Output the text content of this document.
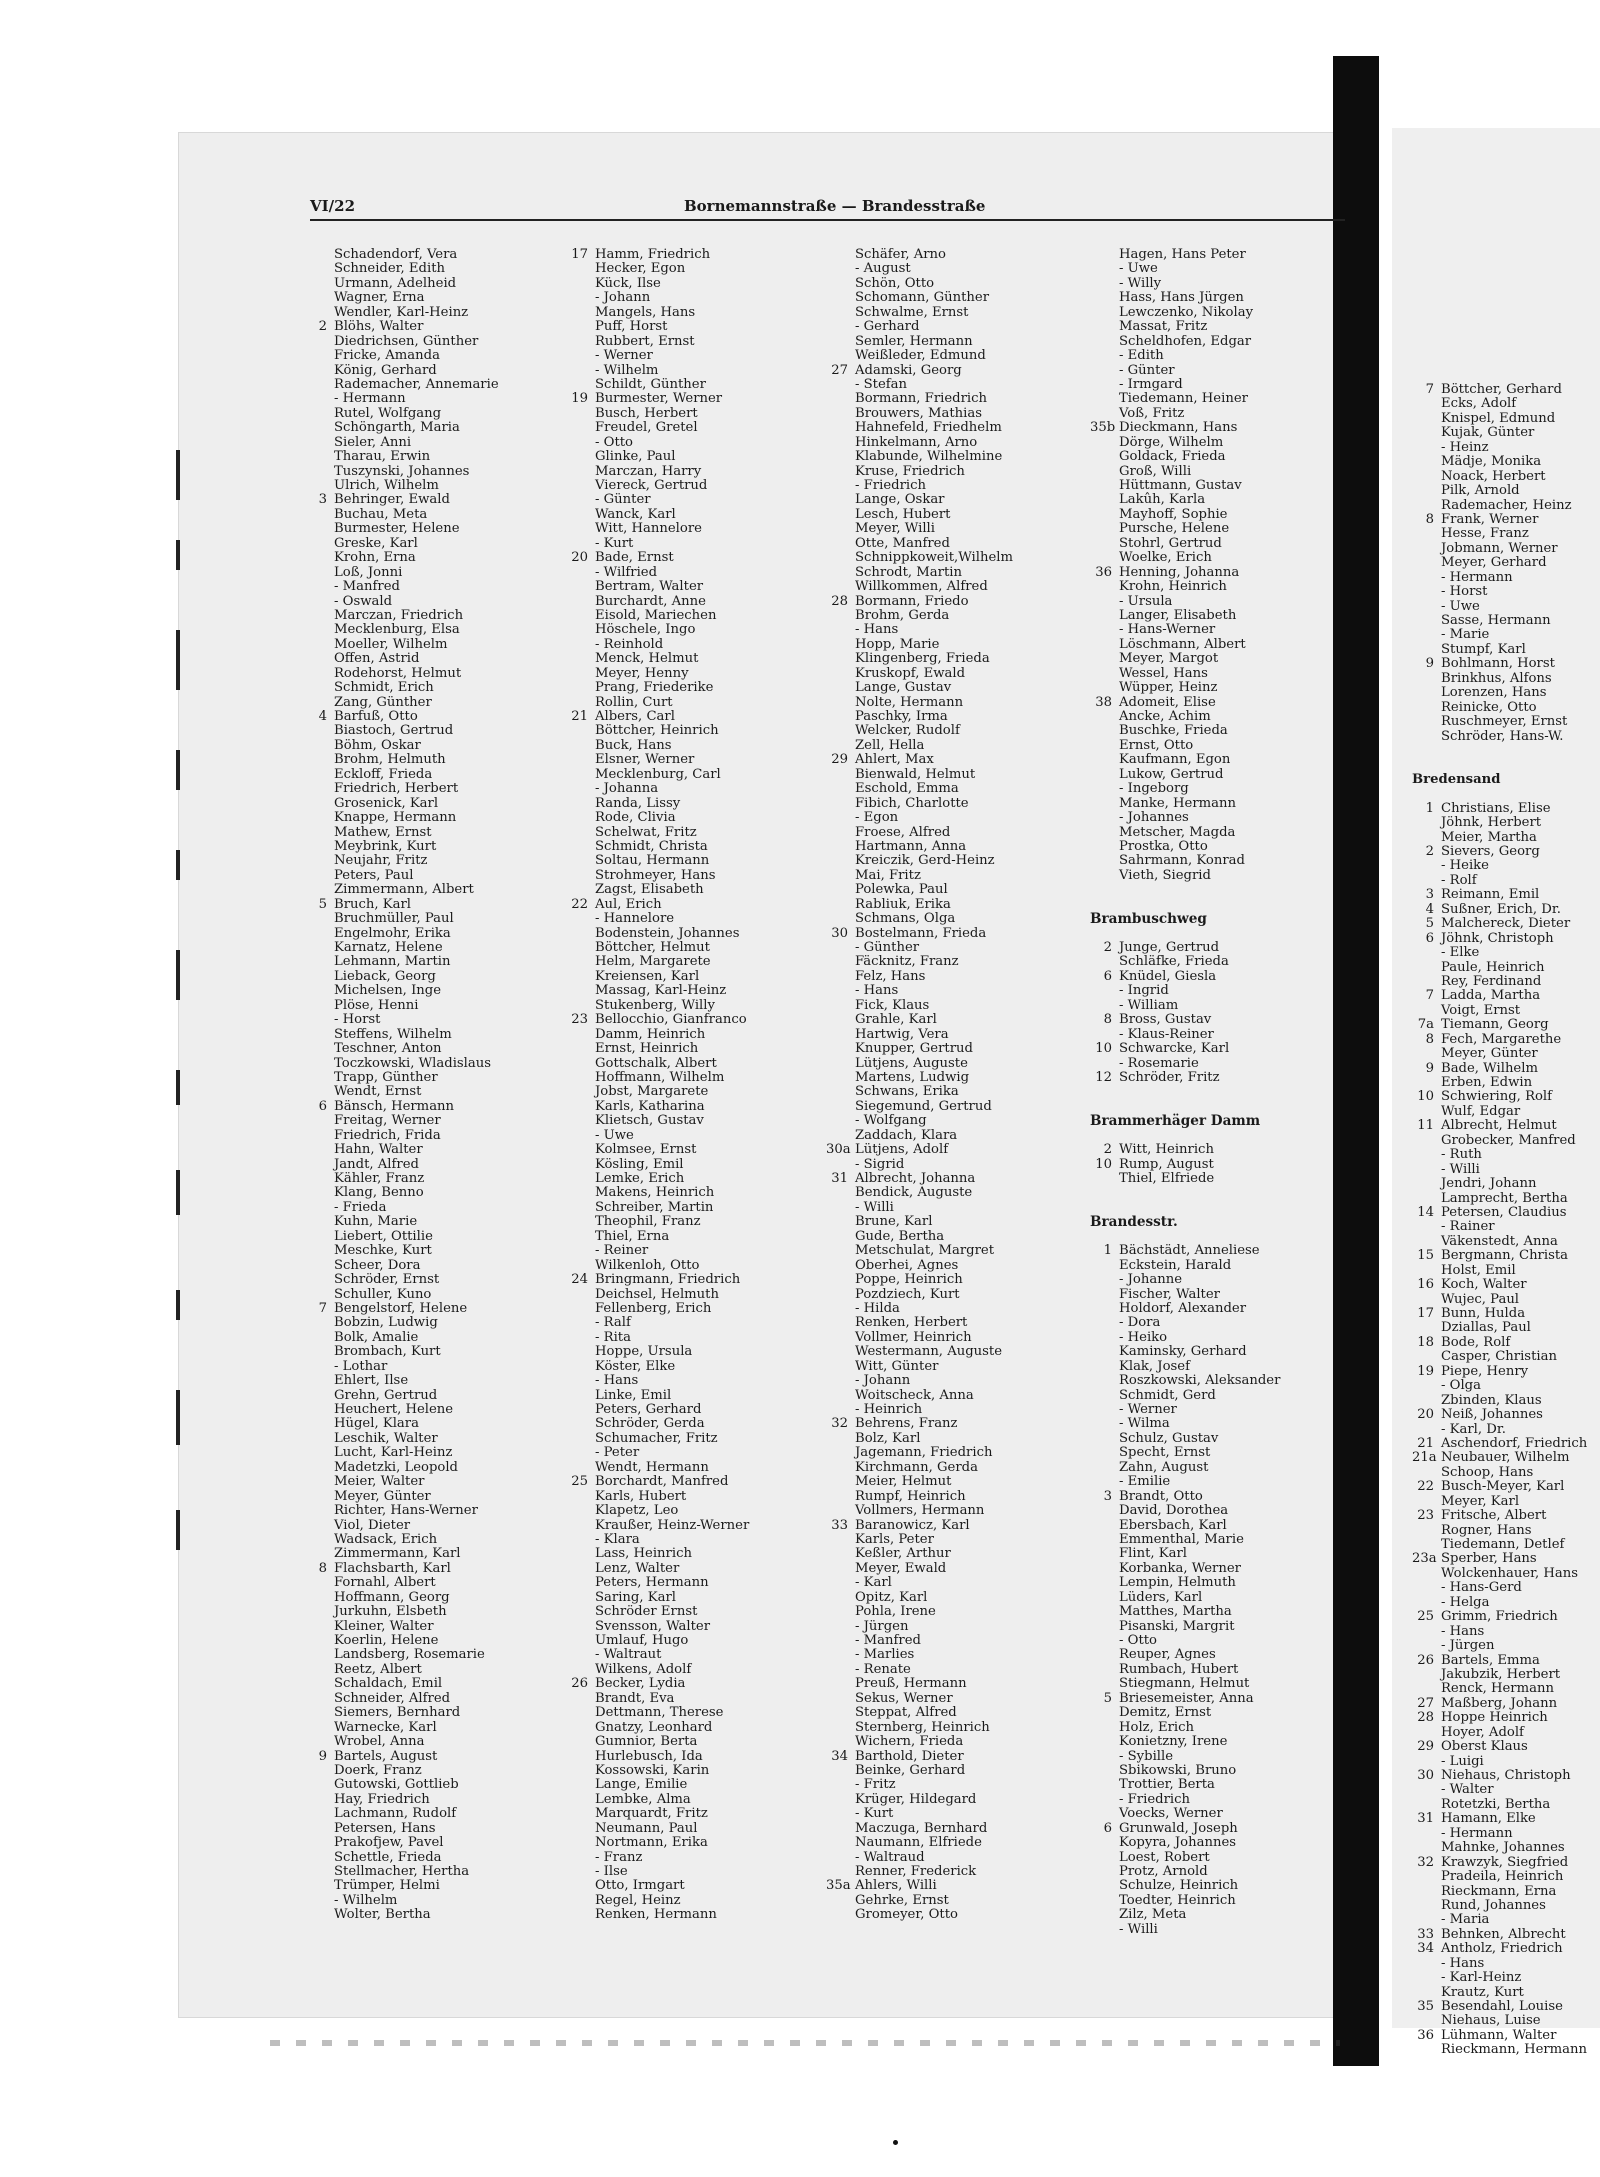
7 Böttcher, Gerhard
Ecks, Adolf
Knispel, Edmund
Kujak, Günter
- Heinz
Mädje, Monika
Noack, Herbert
Pilk, Arnold
Rademacher, Heinz
8 Frank, Werner
Hesse, Franz
Jobmann, Werner
Meyer, Gerhard
- Hermann
- Horst
- Uwe
Sasse, Hermann
- Marie
Stumpf, Karl
9 Bohlmann, Horst
Brinkhus, Alfons
Lorenzen, Hans
Reinicke, Otto
Ruschmeyer, Ernst
Schröder, Hans-W.
Bredensand
1 Christians, Elise
Jöhnk, Herbert
Meier, Martha
2 Sievers, Georg
- Heike
- Rolf
3 Reimann, Emil
4 Sußner, Erich, Dr.
5 Malchereck, Dieter
6 Jöhnk, Christoph
- Elke
Paule, Heinrich
Rey, Ferdinand
7 Ladda, Martha
Voigt, Ernst
7a Tiemann, Georg
8 Fech, Margarethe
Meyer, Günter
9 Bade, Wilhelm
Erben, Edwin
10 Schwiering, Rolf
Wulf, Edgar
11 Albrecht, Helmut
Grobecker, Manfred
- Ruth
- Willi
Jendri, Johann
Lamprecht, Bertha
14 Petersen, Claudius
- Rainer
Väkenstedt, Anna
15 Bergmann, Christa
Holst, Emil
16 Koch, Walter
Wujec, Paul
17 Bunn, Hulda
Dziallas, Paul
18 Bode, Rolf
Casper, Christian
19 Piepe, Henry
- Olga
Zbinden, Klaus
20 Neiß, Johannes
- Karl, Dr.
21 Aschendorf, Friedrich
21a Neubauer, Wilhelm
Schoop, Hans
22 Busch-Meyer, Karl
Meyer, Karl
23 Fritsche, Albert
Rogner, Hans
Tiedemann, Detlef
23a Sperber, Hans
Wolckenhauer, Hans
- Hans-Gerd
- Helga
25 Grimm, Friedrich
- Hans
- Jürgen
26 Bartels, Emma
Jakubzik, Herbert
Renck, Hermann
27 Maßberg, Johann
28 Hoppe Heinrich
Hoyer, Adolf
29 Oberst Klaus
- Luigi
30 Niehaus, Christoph
- Walter
Rotetzki, Bertha
31 Hamann, Elke
- Hermann
Mahnke, Johannes
32 Krawzyk, Siegfried
Pradeila, Heinrich
Rieckmann, Erna
Rund, Johannes
- Maria
33 Behnken, Albrecht
34 Antholz, Friedrich
- Hans
- Karl-Heinz
Krautz, Kurt
35 Besendahl, Louise
Niehaus, Luise
36 Lühmann, Walter
Rieckmann, Hermann
VI/22	Bornemannstraße — Brandesstraße
Schadendorf, Vera
Schneider, Edith
Urmann, Adelheid
Wagner, Erna
Wendler, Karl-Heinz
2 Blöhs, Walter
Diedrichsen, Günther
Fricke, Amanda
König, Gerhard
Rademacher, Annemarie
- Hermann
Rutel, Wolfgang
Schöngarth, Maria
Sieler, Anni
Tharau, Erwin
Tuszynski, Johannes
Ulrich, Wilhelm
3 Behringer, Ewald
Buchau, Meta
Burmester, Helene
Greske, Karl
Krohn, Erna
Loß, Jonni
- Manfred
- Oswald
Marczan, Friedrich
Mecklenburg, Elsa
Moeller, Wilhelm
Offen, Astrid
Rodehorst, Helmut
Schmidt, Erich
Zang, Günther
4 Barfuß, Otto
Biastoch, Gertrud
Böhm, Oskar
Brohm, Helmuth
Eckloff, Frieda
Friedrich, Herbert
Grosenick, Karl
Knappe, Hermann
Mathew, Ernst
Meybrink, Kurt
Neujahr, Fritz
Peters, Paul
Zimmermann, Albert
5 Bruch, Karl
Bruchmüller, Paul
Engelmohr, Erika
Karnatz, Helene
Lehmann, Martin
Lieback, Georg
Michelsen, Inge
Plöse, Henni
- Horst
Steffens, Wilhelm
Teschner, Anton
Toczkowski, Wladislaus
Trapp, Günther
Wendt, Ernst
6 Bänsch, Hermann
Freitag, Werner
Friedrich, Frida
Hahn, Walter
Jandt, Alfred
Kähler, Franz
Klang, Benno
- Frieda
Kuhn, Marie
Liebert, Ottilie
Meschke, Kurt
Scheer, Dora
Schröder, Ernst
Schuller, Kuno
7 Bengelstorf, Helene
Bobzin, Ludwig
Bolk, Amalie
Brombach, Kurt
- Lothar
Ehlert, Ilse
Grehn, Gertrud
Heuchert, Helene
Hügel, Klara
Leschik, Walter
Lucht, Karl-Heinz
Madetzki, Leopold
Meier, Walter
Meyer, Günter
Richter, Hans-Werner
Viol, Dieter
Wadsack, Erich
Zimmermann, Karl
8 Flachsbarth, Karl
Fornahl, Albert
Hoffmann, Georg
Jurkuhn, Elsbeth
Kleiner, Walter
Koerlin, Helene
Landsberg, Rosemarie
Reetz, Albert
Schaldach, Emil
Schneider, Alfred
Siemers, Bernhard
Warnecke, Karl
Wrobel, Anna
9 Bartels, August
Doerk, Franz
Gutowski, Gottlieb
Hay, Friedrich
Lachmann, Rudolf
Petersen, Hans
Prakofjew, Pavel
Schettle, Frieda
Stellmacher, Hertha
Trümper, Helmi
- Wilhelm
Wolter, Bertha
17 Hamm, Friedrich
Hecker, Egon
Kück, Ilse
- Johann
Mangels, Hans
Puff, Horst
Rubbert, Ernst
- Werner
- Wilhelm
Schildt, Günther
19 Burmester, Werner
Busch, Herbert
Freudel, Gretel
- Otto
Glinke, Paul
Marczan, Harry
Viereck, Gertrud
- Günter
Wanck, Karl
Witt, Hannelore
- Kurt
20 Bade, Ernst
- Wilfried
Bertram, Walter
Burchardt, Anne
Eisold, Mariechen
Höschele, Ingo
- Reinhold
Menck, Helmut
Meyer, Henny
Prang, Friederike
Rollin, Curt
21 Albers, Carl
Böttcher, Heinrich
Buck, Hans
Elsner, Werner
Mecklenburg, Carl
- Johanna
Randa, Lissy
Rode, Clivia
Schelwat, Fritz
Schmidt, Christa
Soltau, Hermann
Strohmeyer, Hans
Zagst, Elisabeth
22 Aul, Erich
- Hannelore
Bodenstein, Johannes
Böttcher, Helmut
Helm, Margarete
Kreiensen, Karl
Massag, Karl-Heinz
Stukenberg, Willy
23 Bellocchio, Gianfranco
Damm, Heinrich
Ernst, Heinrich
Gottschalk, Albert
Hoffmann, Wilhelm
Jobst, Margarete
Karls, Katharina
Klietsch, Gustav
- Uwe
Kolmsee, Ernst
Kösling, Emil
Lemke, Erich
Makens, Heinrich
Schreiber, Martin
Theophil, Franz
Thiel, Erna
- Reiner
Wilkenloh, Otto
24 Bringmann, Friedrich
Deichsel, Helmuth
Fellenberg, Erich
- Ralf
- Rita
Hoppe, Ursula
Köster, Elke
- Hans
Linke, Emil
Peters, Gerhard
Schröder, Gerda
Schumacher, Fritz
- Peter
Wendt, Hermann
25 Borchardt, Manfred
Karls, Hubert
Klapetz, Leo
Kraußer, Heinz-Werner
- Klara
Lass, Heinrich
Lenz, Walter
Peters, Hermann
Saring, Karl
Schröder Ernst
Svensson, Walter
Umlauf, Hugo
- Waltraut
Wilkens, Adolf
26 Becker, Lydia
Brandt, Eva
Dettmann, Therese
Gnatzy, Leonhard
Gumnior, Berta
Hurlebusch, Ida
Kossowski, Karin
Lange, Emilie
Lembke, Alma
Marquardt, Fritz
Neumann, Paul
Nortmann, Erika
- Franz
- Ilse
Otto, Irmgart
Regel, Heinz
Renken, Hermann
Schäfer, Arno
- August
Schön, Otto
Schomann, Günther
Schwalme, Ernst
- Gerhard
Semler, Hermann
Weißleder, Edmund
27 Adamski, Georg
- Stefan
Bormann, Friedrich
Brouwers, Mathias
Hahnefeld, Friedhelm
Hinkelmann, Arno
Klabunde, Wilhelmine
Kruse, Friedrich
- Friedrich
Lange, Oskar
Lesch, Hubert
Meyer, Willi
Otte, Manfred
Schnippkoweit,Wilhelm
Schrodt, Martin
Willkommen, Alfred
28 Bormann, Friedo
Brohm, Gerda
- Hans
Hopp, Marie
Klingenberg, Frieda
Kruskopf, Ewald
Lange, Gustav
Nolte, Hermann
Paschky, Irma
Welcker, Rudolf
Zell, Hella
29 Ahlert, Max
Bienwald, Helmut
Eschold, Emma
Fibich, Charlotte
- Egon
Froese, Alfred
Hartmann, Anna
Kreiczik, Gerd-Heinz
Mai, Fritz
Polewka, Paul
Rabliuk, Erika
Schmans, Olga
30 Bostelmann, Frieda
- Günther
Fäcknitz, Franz
Felz, Hans
- Hans
Fick, Klaus
Grahle, Karl
Hartwig, Vera
Knupper, Gertrud
Lütjens, Auguste
Martens, Ludwig
Schwans, Erika
Siegemund, Gertrud
- Wolfgang
Zaddach, Klara
30a Lütjens, Adolf
- Sigrid
31 Albrecht, Johanna
Bendick, Auguste
- Willi
Brune, Karl
Gude, Bertha
Metschulat, Margret
Oberhei, Agnes
Poppe, Heinrich
Pozdziech, Kurt
- Hilda
Renken, Herbert
Vollmer, Heinrich
Westermann, Auguste
Witt, Günter
- Johann
Woitscheck, Anna
- Heinrich
32 Behrens, Franz
Bolz, Karl
Jagemann, Friedrich
Kirchmann, Gerda
Meier, Helmut
Rumpf, Heinrich
Vollmers, Hermann
33 Baranowicz, Karl
Karls, Peter
Keßler, Arthur
Meyer, Ewald
- Karl
Opitz, Karl
Pohla, Irene
- Jürgen
- Manfred
- Marlies
- Renate
Preuß, Hermann
Sekus, Werner
Steppat, Alfred
Sternberg, Heinrich
Wichern, Frieda
34 Barthold, Dieter
Beinke, Gerhard
- Fritz
Krüger, Hildegard
- Kurt
Maczuga, Bernhard
Naumann, Elfriede
- Waltraud
Renner, Frederick
35a Ahlers, Willi
Gehrke, Ernst
Gromeyer, Otto
Hagen, Hans Peter
- Uwe
- Willy
Hass, Hans Jürgen
Lewczenko, Nikolay
Massat, Fritz
Scheldhofen, Edgar
- Edith
- Günter
- Irmgard
Tiedemann, Heiner
Voß, Fritz
35b Dieckmann, Hans
Dörge, Wilhelm
Goldack, Frieda
Groß, Willi
Hüttmann, Gustav
Lakûh, Karla
Mayhoff, Sophie
Pursche, Helene
Stohrl, Gertrud
Woelke, Erich
36 Henning, Johanna
Krohn, Heinrich
- Ursula
Langer, Elisabeth
- Hans-Werner
Löschmann, Albert
Meyer, Margot
Wessel, Hans
Wüpper, Heinz
38 Adomeit, Elise
Ancke, Achim
Buschke, Frieda
Ernst, Otto
Kaufmann, Egon
Lukow, Gertrud
- Ingeborg
Manke, Hermann
- Johannes
Metscher, Magda
Prostka, Otto
Sahrmann, Konrad
Vieth, Siegrid
Brambuschweg
2 Junge, Gertrud
Schläfke, Frieda
6 Knüdel, Giesla
- Ingrid
- William
8 Bross, Gustav
- Klaus-Reiner
10 Schwarcke, Karl
- Rosemarie
12 Schröder, Fritz
Brammerhäger Damm
2 Witt, Heinrich
10 Rump, August
Thiel, Elfriede
Brandesstr.
1 Bächstädt, Anneliese
Eckstein, Harald
- Johanne
Fischer, Walter
Holdorf, Alexander
- Dora
- Heiko
Kaminsky, Gerhard
Klak, Josef
Roszkowski, Aleksander
Schmidt, Gerd
- Werner
- Wilma
Schulz, Gustav
Specht, Ernst
Zahn, August
- Emilie
3 Brandt, Otto
David, Dorothea
Ebersbach, Karl
Emmenthal, Marie
Flint, Karl
Korbanka, Werner
Lempin, Helmuth
Lüders, Karl
Matthes, Martha
Pisanski, Margrit
- Otto
Reuper, Agnes
Rumbach, Hubert
Stiegmann, Helmut
5 Briesemeister, Anna
Demitz, Ernst
Holz, Erich
Konietzny, Irene
- Sybille
Sbikowski, Bruno
Trottier, Berta
- Friedrich
Voecks, Werner
6 Grunwald, Joseph
Kopyra, Johannes
Loest, Robert
Protz, Arnold
Schulze, Heinrich
Toedter, Heinrich
Zilz, Meta
- Willi
